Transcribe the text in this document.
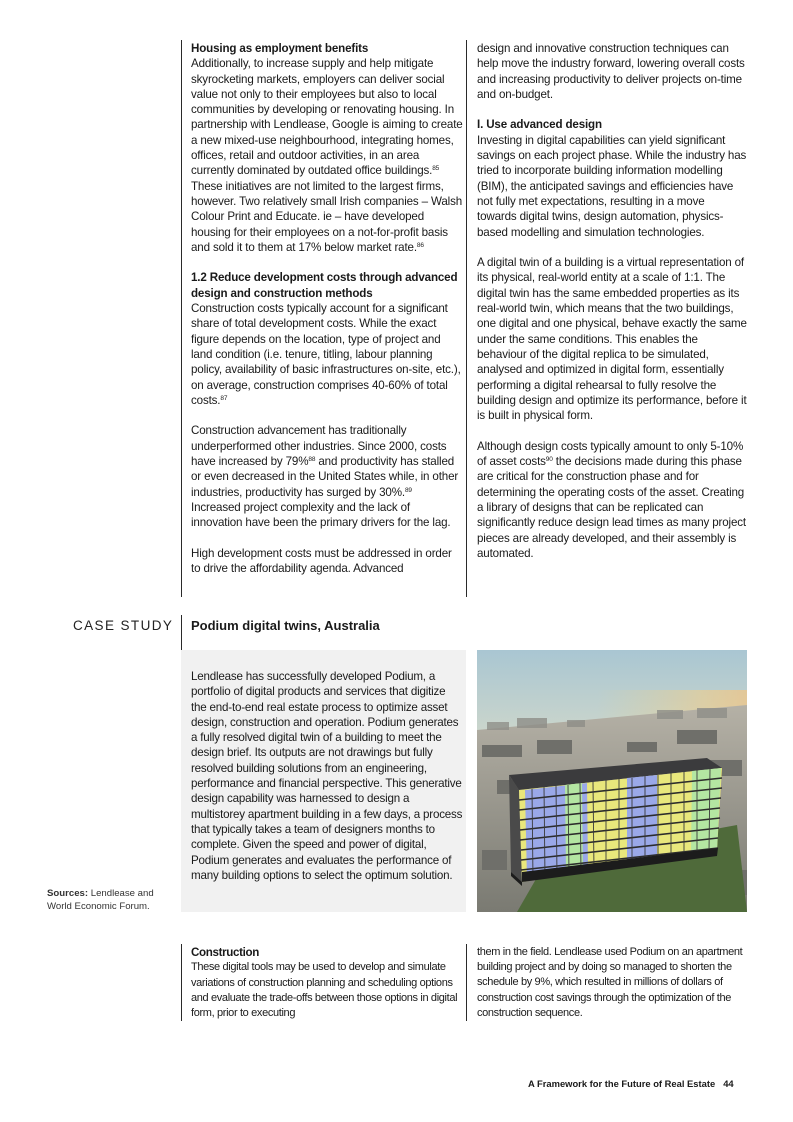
Housing as employment benefits

Additionally, to increase supply and help mitigate skyrocketing markets, employers can deliver social value not only to their employees but also to local communities by developing or renovating housing. In partnership with Lendlease, Google is aiming to create a new mixed-use neighbourhood, integrating homes, offices, retail and outdoor activities, in an area currently dominated by outdated office buildings.$^{85}$ These initiatives are not limited to the largest firms, however. Two relatively small Irish companies – Walsh Colour Print and Educate. ie – have developed housing for their employees on a not-for-profit basis and sold it to them at 17% below market rate.$^{86}$

1.2 Reduce development costs through advanced design and construction methods

Construction costs typically account for a significant share of total development costs. While the exact figure depends on the location, type of project and land condition (i.e. tenure, titling, labour planning policy, availability of basic infrastructures on-site, etc.), on average, construction comprises 40-60% of total costs.$^{87}$

Construction advancement has traditionally underperformed other industries. Since 2000, costs have increased by 79%$^{88}$ and productivity has stalled or even decreased in the United States while, in other industries, productivity has surged by 30%.$^{89}$ Increased project complexity and the lack of innovation have been the primary drivers for the lag.

High development costs must be addressed in order to drive the affordability agenda. Advanced

design and innovative construction techniques can help move the industry forward, lowering overall costs and increasing productivity to deliver projects on-time and on-budget.

I. Use advanced design

Investing in digital capabilities can yield significant savings on each project phase. While the industry has tried to incorporate building information modelling (BIM), the anticipated savings and efficiencies have not fully met expectations, resulting in a move towards digital twins, design automation, physics-based modelling and simulation technologies.

A digital twin of a building is a virtual representation of its physical, real-world entity at a scale of 1:1. The digital twin has the same embedded properties as its real-world twin, which means that the two buildings, one digital and one physical, behave exactly the same under the same conditions. This enables the behaviour of the digital replica to be simulated, analysed and optimized in digital form, essentially performing a digital rehearsal to fully resolve the building design and optimize its performance, before it is built in physical form.

Although design costs typically amount to only 5-10% of asset costs$^{90}$ the decisions made during this phase are critical for the construction phase and for determining the operating costs of the asset. Creating a library of designs that can be replicated can significantly reduce design lead times as many project pieces are already developed, and their assembly is automated.

CASE STUDY Podium digital twins, Australia
Lendlease has successfully developed Podium, a portfolio of digital products and services that digitize the end-to-end real estate process to optimize asset design, construction and operation. Podium generates a fully resolved digital twin of a building to meet the design brief. Its outputs are not drawings but fully resolved building solutions from an engineering, performance and financial perspective. This generative design capability was harnessed to design a multistorey apartment building in a few days, a process that typically takes a team of designers months to complete. Given the speed and power of digital, Podium generates and evaluates the performance of many building options to select the optimum solution.
Sources: Lendlease and World Economic Forum.
Construction

These digital tools may be used to develop and simulate variations of construction planning and scheduling options and evaluate the trade-offs between those options in digital form, prior to executing

them in the field. Lendlease used Podium on an apartment building project and by doing so managed to shorten the schedule by 9%, which resulted in millions of dollars of construction cost savings through the optimization of the construction sequence.

A Framework for the Future of Real Estate 44
